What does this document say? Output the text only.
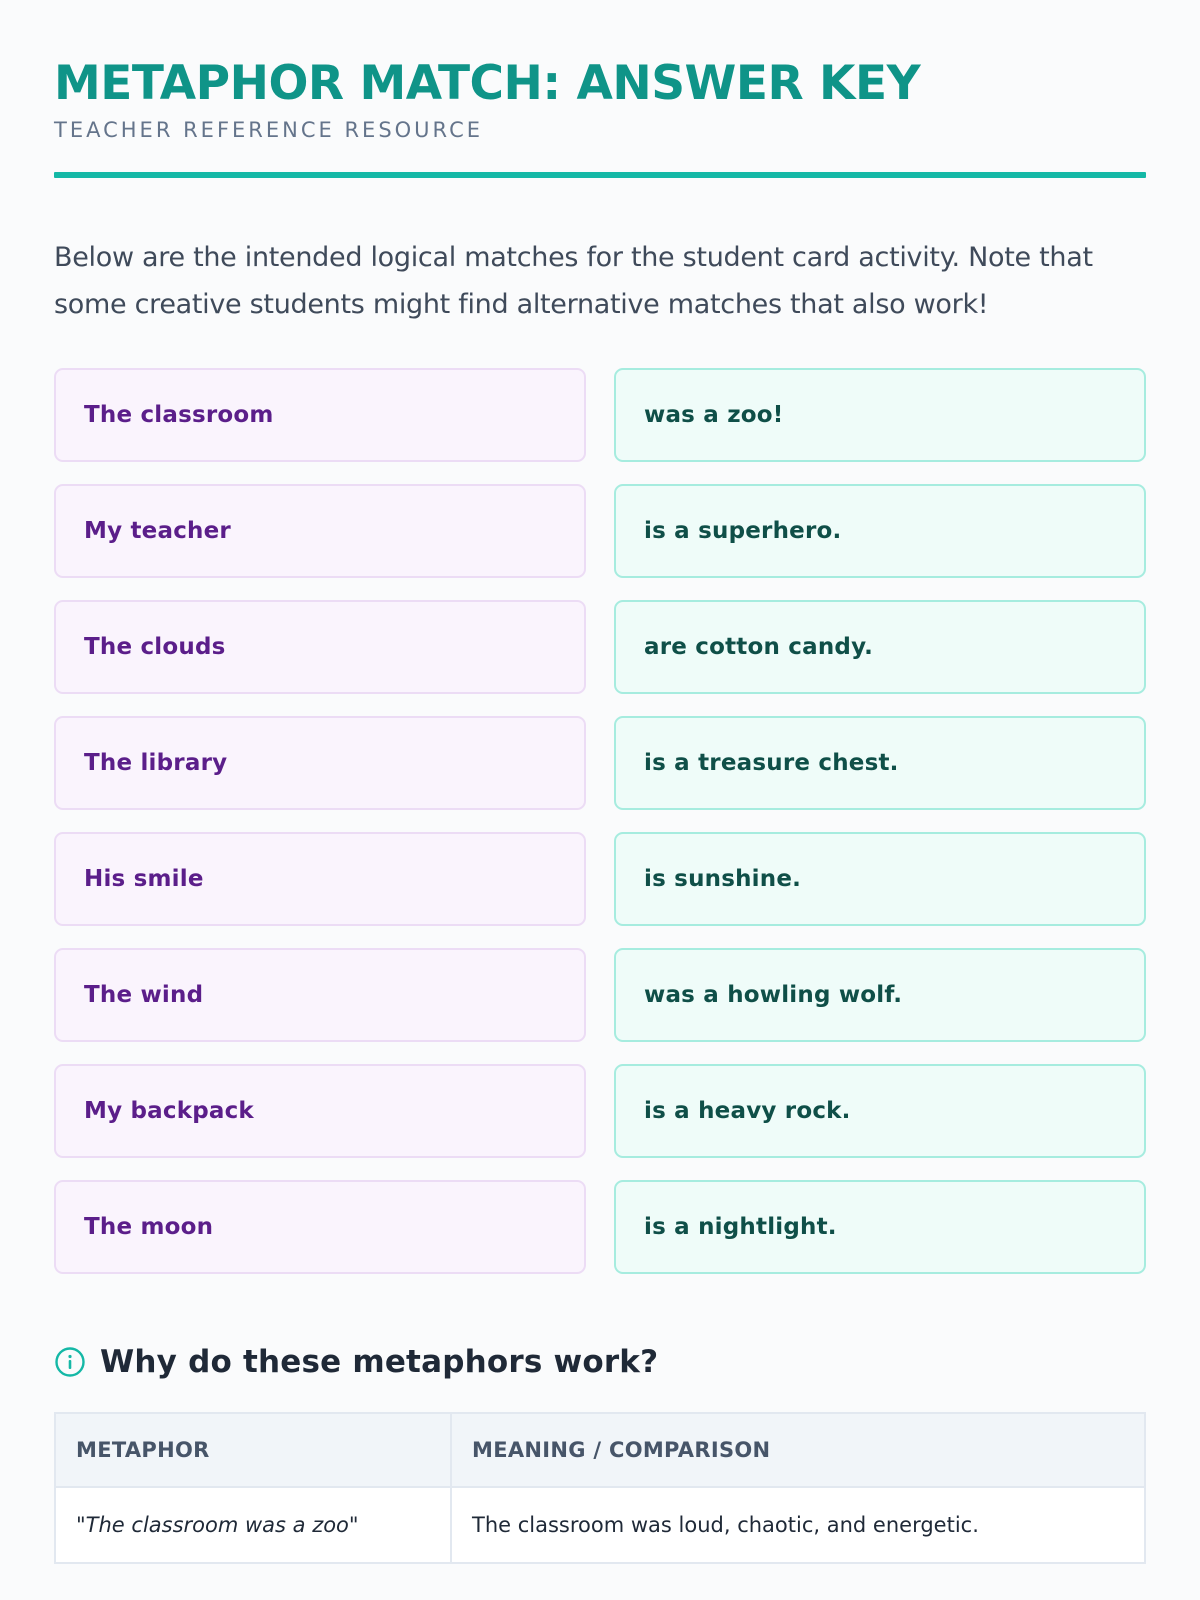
METAPHOR MATCH: ANSWER KEY
TEACHER REFERENCE RESOURCE

Below are the intended logical matches for the student card activity. Note that some creative students might find alternative matches that also work!

The classroom	was a zoo!
My teacher	is a superhero.
The clouds	are cotton candy.
The library	is a treasure chest.
His smile	is sunshine.
The wind	was a howling wolf.
My backpack	is a heavy rock.
The moon	is a nightlight.
Why do these metaphors work?
METAPHOR	MEANING / COMPARISON
"The classroom was a zoo"	The classroom was loud, chaotic, and energetic.
